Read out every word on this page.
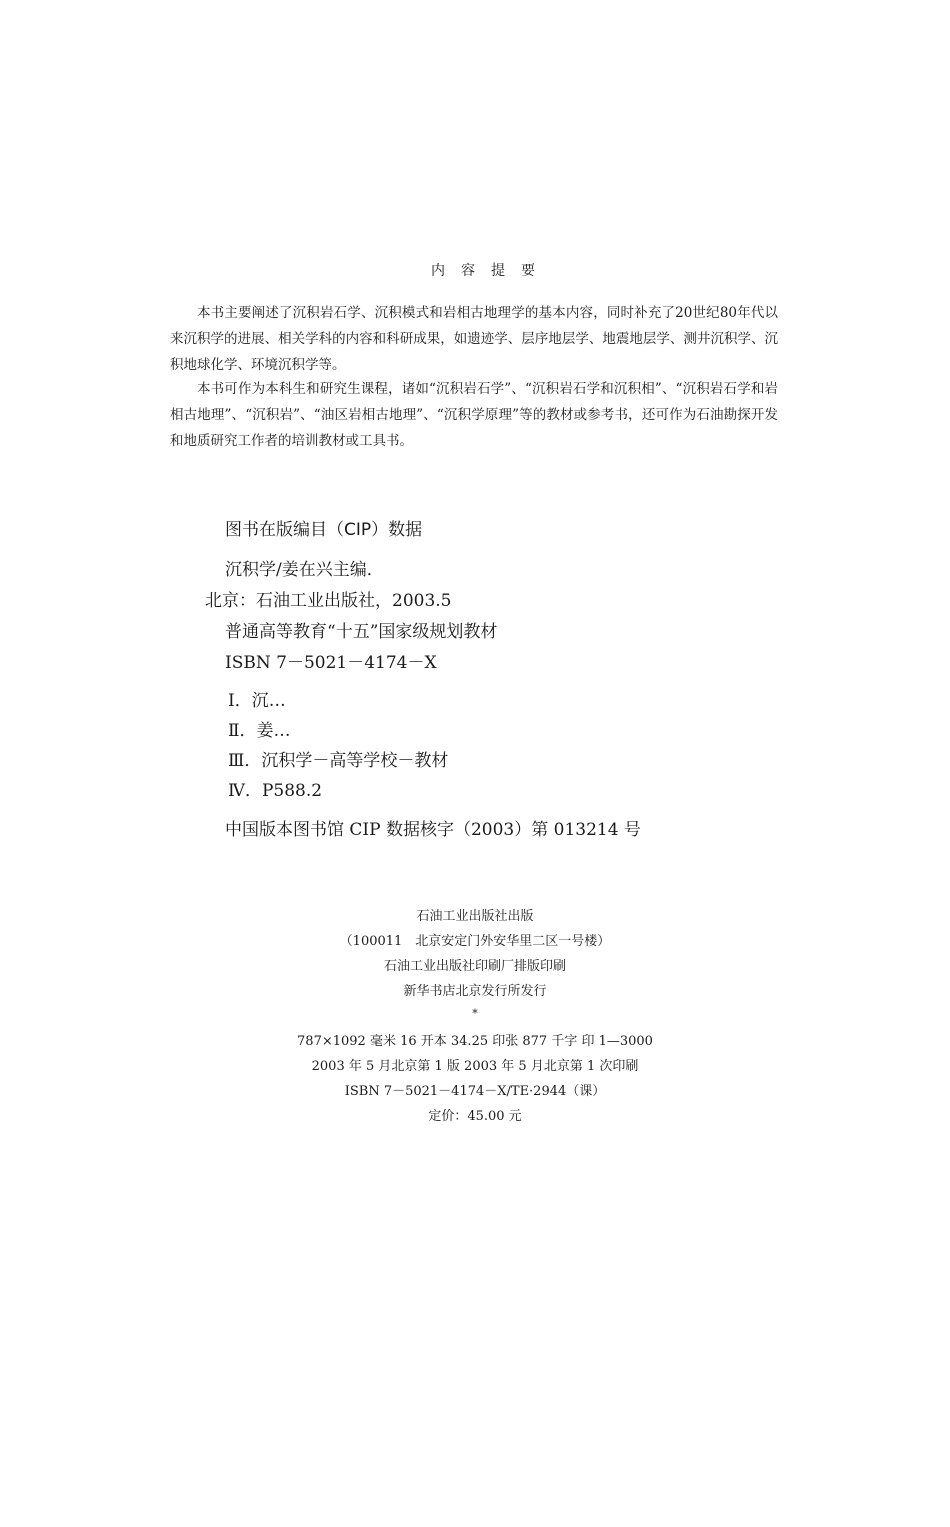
内容提要
本书主要阐述了沉积岩石学、沉积模式和岩相古地理学的基本内容，同时补充了20世纪80年代以来沉积学的进展、相关学科的内容和科研成果，如遗迹学、层序地层学、地震地层学、测井沉积学、沉积地球化学、环境沉积学等。
本书可作为本科生和研究生课程，诸如“沉积岩石学”、“沉积岩石学和沉积相”、“沉积岩石学和岩相古地理”、“沉积岩”、“油区岩相古地理”、“沉积学原理”等的教材或参考书，还可作为石油勘探开发和地质研究工作者的培训教材或工具书。
图书在版编目（CIP）数据
沉积学/姜在兴主编．
北京：石油工业出版社，2003.5
普通高等教育“十五”国家级规划教材
ISBN 7－5021－4174－X
Ⅰ．沉…
Ⅱ．姜…
Ⅲ．沉积学－高等学校－教材
Ⅳ．P588.2
中国版本图书馆 CIP 数据核字（2003）第 013214 号
石油工业出版社出版
（100011　北京安定门外安华里二区一号楼）
石油工业出版社印刷厂排版印刷
新华书店北京发行所发行
*
787×1092 毫米 16 开本 34.25 印张 877 千字 印 1—3000
2003 年 5 月北京第 1 版 2003 年 5 月北京第 1 次印刷
ISBN 7－5021－4174－X/TE·2944（课）
定价：45.00 元
